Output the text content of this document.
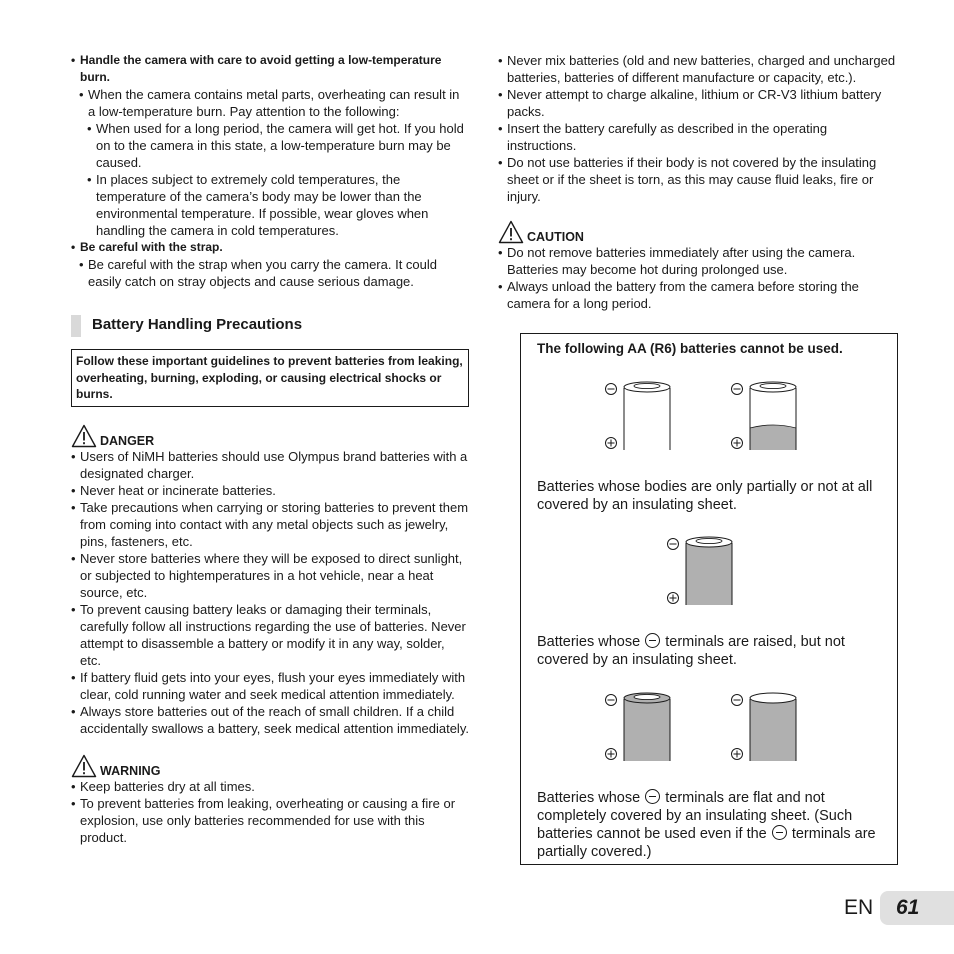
• Handle the camera with care to avoid getting a low-temperature burn.
• When the camera contains metal parts, overheating can result in a low-temperature burn. Pay attention to the following:
• When used for a long period, the camera will get hot. If you hold on to the camera in this state, a low-temperature burn may be caused.
• In places subject to extremely cold temperatures, the temperature of the camera’s body may be lower than the environmental temperature. If possible, wear gloves when handling the camera in cold temperatures.
• Be careful with the strap.
• Be careful with the strap when you carry the camera. It could easily catch on stray objects and cause serious damage.
Battery Handling Precautions
Follow these important guidelines to prevent batteries from leaking, overheating, burning, exploding, or causing electrical shocks or burns.
DANGER
• Users of NiMH batteries should use Olympus brand batteries with a designated charger.
• Never heat or incinerate batteries.
• Take precautions when carrying or storing batteries to prevent them from coming into contact with any metal objects such as jewelry, pins, fasteners, etc.
• Never store batteries where they will be exposed to direct sunlight, or subjected to hightemperatures in a hot vehicle, near a heat source, etc.
• To prevent causing battery leaks or damaging their terminals, carefully follow all instructions regarding the use of batteries. Never attempt to disassemble a battery or modify it in any way, solder, etc.
• If battery fluid gets into your eyes, flush your eyes immediately with clear, cold running water and seek medical attention immediately.
• Always store batteries out of the reach of small children. If a child accidentally swallows a battery, seek medical attention immediately.
WARNING
• Keep batteries dry at all times.
• To prevent batteries from leaking, overheating or causing a fire or explosion, use only batteries recommended for use with this product.
• Never mix batteries (old and new batteries, charged and uncharged batteries, batteries of different manufacture or capacity, etc.).
• Never attempt to charge alkaline, lithium or CR-V3 lithium battery packs.
• Insert the battery carefully as described in the operating instructions.
• Do not use batteries if their body is not covered by the insulating sheet or if the sheet is torn, as this may cause fluid leaks, fire or injury.
CAUTION
• Do not remove batteries immediately after using the camera. Batteries may become hot during prolonged use.
• Always unload the battery from the camera before storing the camera for a long period.
The following AA (R6) batteries cannot be used.
Batteries whose bodies are only partially or not at all covered by an insulating sheet.
Batteries whose terminals are raised, but not covered by an insulating sheet.
Batteries whose terminals are flat and not completely covered by an insulating sheet. (Such batteries cannot be used even if the terminals are partially covered.)
EN 61
